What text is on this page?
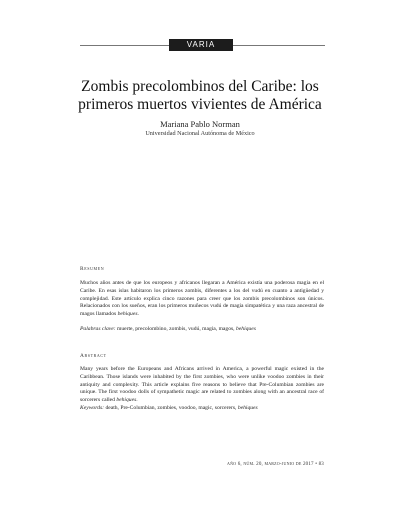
VARIA
Zombis precolombinos del Caribe: los
primeros muertos vivientes de América
Mariana Pablo Norman
Universidad Nacional Autónoma de México
Resumen

Muchos años antes de que los europeos y africanos llegaran a América existía una poderosa magia en el Caribe. En esas islas habitaron los primeros zombis, diferentes a los del vudú en cuanto a antigüedad y complejidad. Este artículo explica cinco razones para creer que los zombis precolombinos son únicos. Relacionados con los sueños, eran los primeros muñecos vudú de magia simpatética y una raza ancestral de magos llamados behiques.

Palabras clave: muerte, precolombino, zombis, vudú, magia, magos, behiques
Abstract

Many years before the Europeans and Africans arrived in America, a powerful magic existed in the Caribbean. Those islands were inhabited by the first zombies, who were unlike voodoo zombies in their antiquity and complexity. This article explains five reasons to believe that Pre-Columbian zombies are unique. The first voodoo dolls of sympathetic magic are related to zombies along with an ancestral race of sorcerers called behiques.

Keywords: death, Pre-Columbian, zombies, voodoo, magic, sorcerers, behiques
año 6, núm. 20, marzo-junio de 2017 • 83
